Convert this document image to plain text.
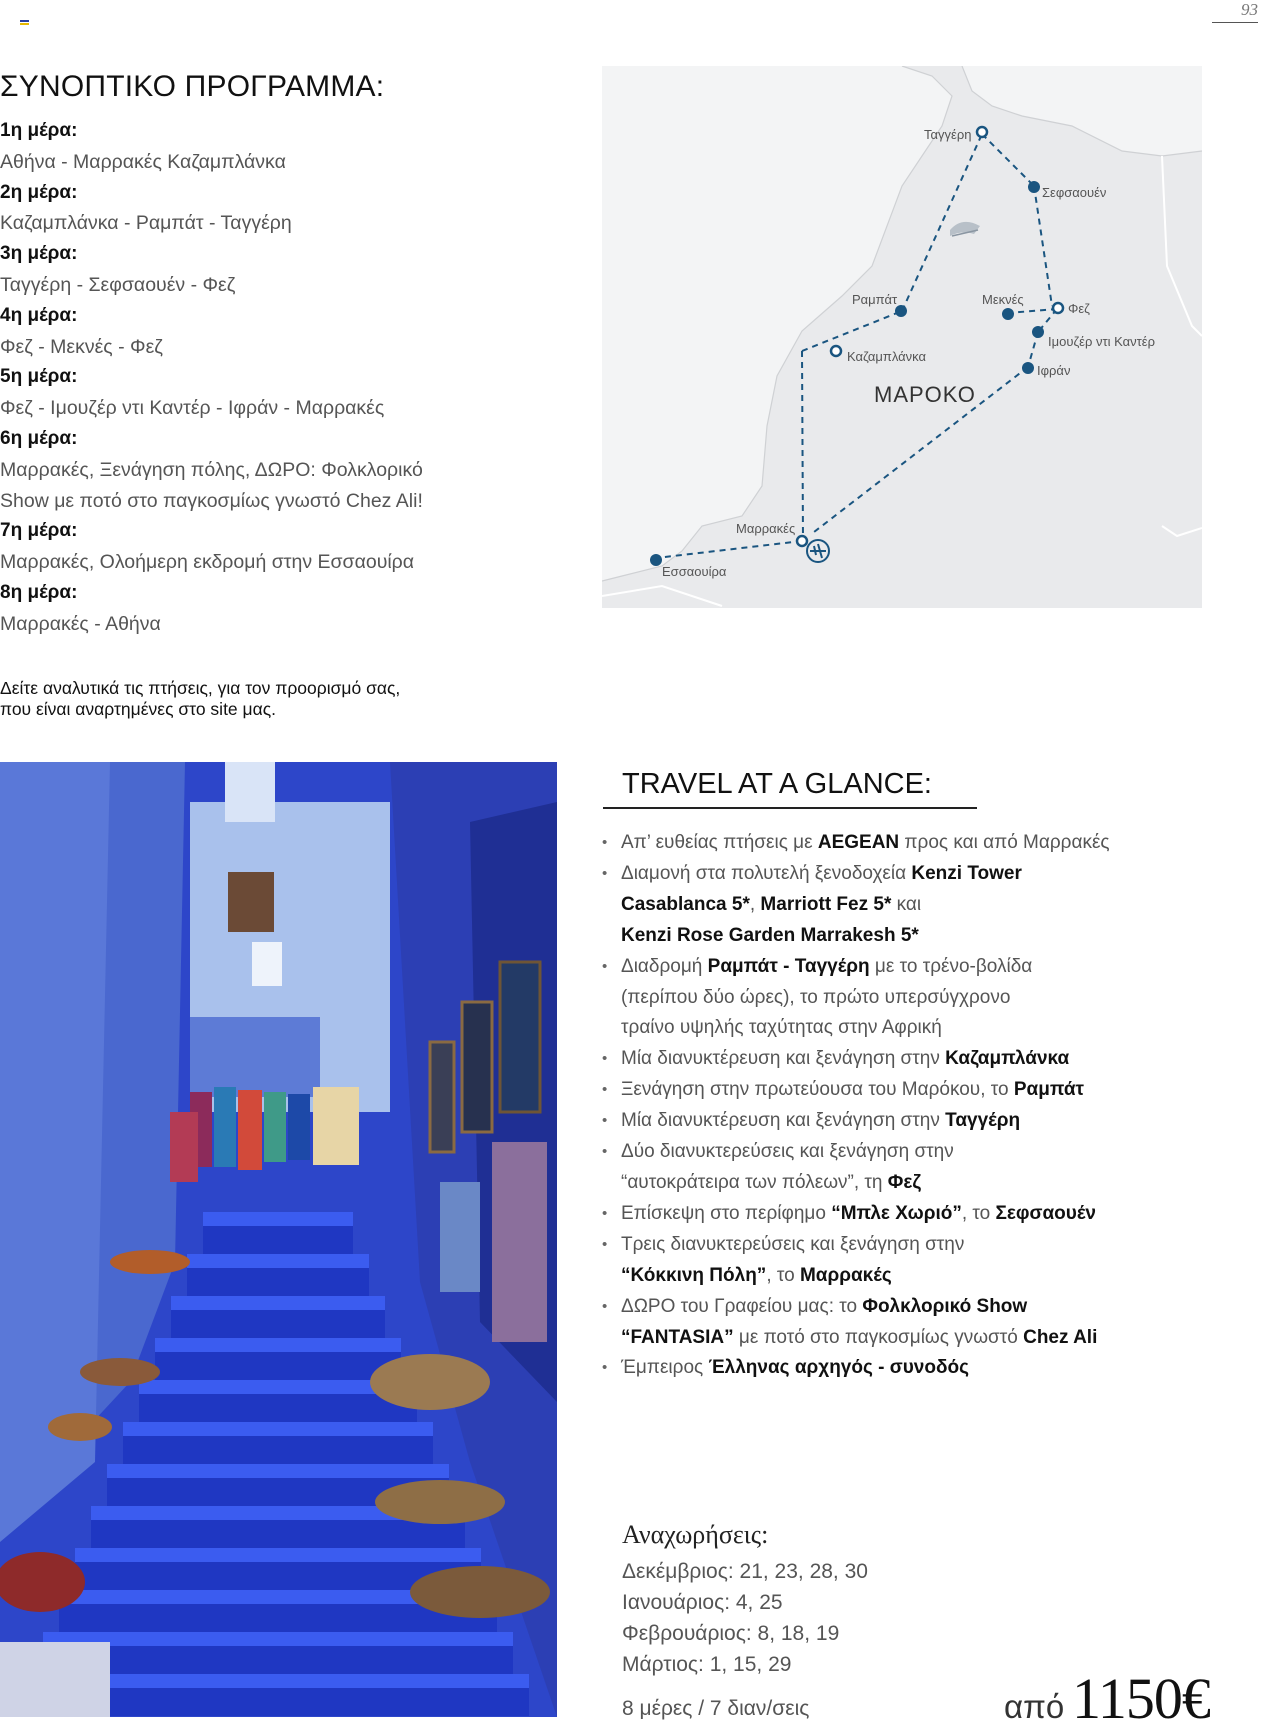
93
ΣΥΝΟΠΤΙΚΟ ΠΡΟΓΡΑΜΜΑ:
1η μέρα:
Αθήνα - Μαρρακές Καζαμπλάνκα
2η μέρα:
Καζαμπλάνκα - Ραμπάτ - Ταγγέρη
3η μέρα:
Ταγγέρη - Σεφσαουέν - Φεζ
4η μέρα:
Φεζ - Μεκνές - Φεζ
5η μέρα:
Φεζ - Ιμουζέρ ντι Καντέρ - Ιφράν - Μαρρακές
6η μέρα:
Μαρρακές, Ξενάγηση πόλης, ΔΩΡΟ: Φολκλορικό
Show με ποτό στο παγκοσμίως γνωστό Chez Ali!
7η μέρα:
Μαρρακές, Ολοήμερη εκδρομή στην Εσσαουίρα
8η μέρα:
Μαρρακές - Αθήνα
Δείτε αναλυτικά τις πτήσεις, για τον προορισμό σας,
που είναι αναρτημένες στο site μας.
Ταγγέρη
Σεφσαουέν
Ραμπάτ	Μεκνές
Φεζ
Ιμουζέρ ντι Καντέρ
Ιφράν
Καζαμπλάνκα
Μαρρακές
Εσσαουίρα
ΜΑΡΟΚΟ
TRAVEL AT A GLANCE:
• Απ’ ευθείας πτήσεις με AEGEAN προς και από Μαρρακές
• Διαμονή στα πολυτελή ξενοδοχεία Kenzi Tower
Casablanca 5*, Marriott Fez 5* και
Kenzi Rose Garden Marrakesh 5*
• Διαδρομή Ραμπάτ - Ταγγέρη με το τρένο-βολίδα
(περίπου δύο ώρες), το πρώτο υπερσύγχρονο
τραίνο υψηλής ταχύτητας στην Αφρική
• Μία διανυκτέρευση και ξενάγηση στην Καζαμπλάνκα
• Ξενάγηση στην πρωτεύουσα του Μαρόκου, το Ραμπάτ
• Μία διανυκτέρευση και ξενάγηση στην Ταγγέρη
• Δύο διανυκτερεύσεις και ξενάγηση στην
“αυτοκράτειρα των πόλεων”, τη Φεζ
• Επίσκεψη στο περίφημο “Μπλε Χωριό”, το Σεφσαουέν
• Τρεις διανυκτερεύσεις και ξενάγηση στην
“Κόκκινη Πόλη”, το Μαρρακές
• ΔΩΡΟ του Γραφείου μας: το Φολκλορικό Show
“FANTASIA” με ποτό στο παγκοσμίως γνωστό Chez Ali
• Έμπειρος Έλληνας αρχηγός - συνοδός
Αναχωρήσεις:
Δεκέμβριος: 21, 23, 28, 30
Ιανουάριος: 4, 25
Φεβρουάριος: 8, 18, 19
Μάρτιος: 1, 15, 29
8 μέρες / 7 διαν/σεις	από 1150€
